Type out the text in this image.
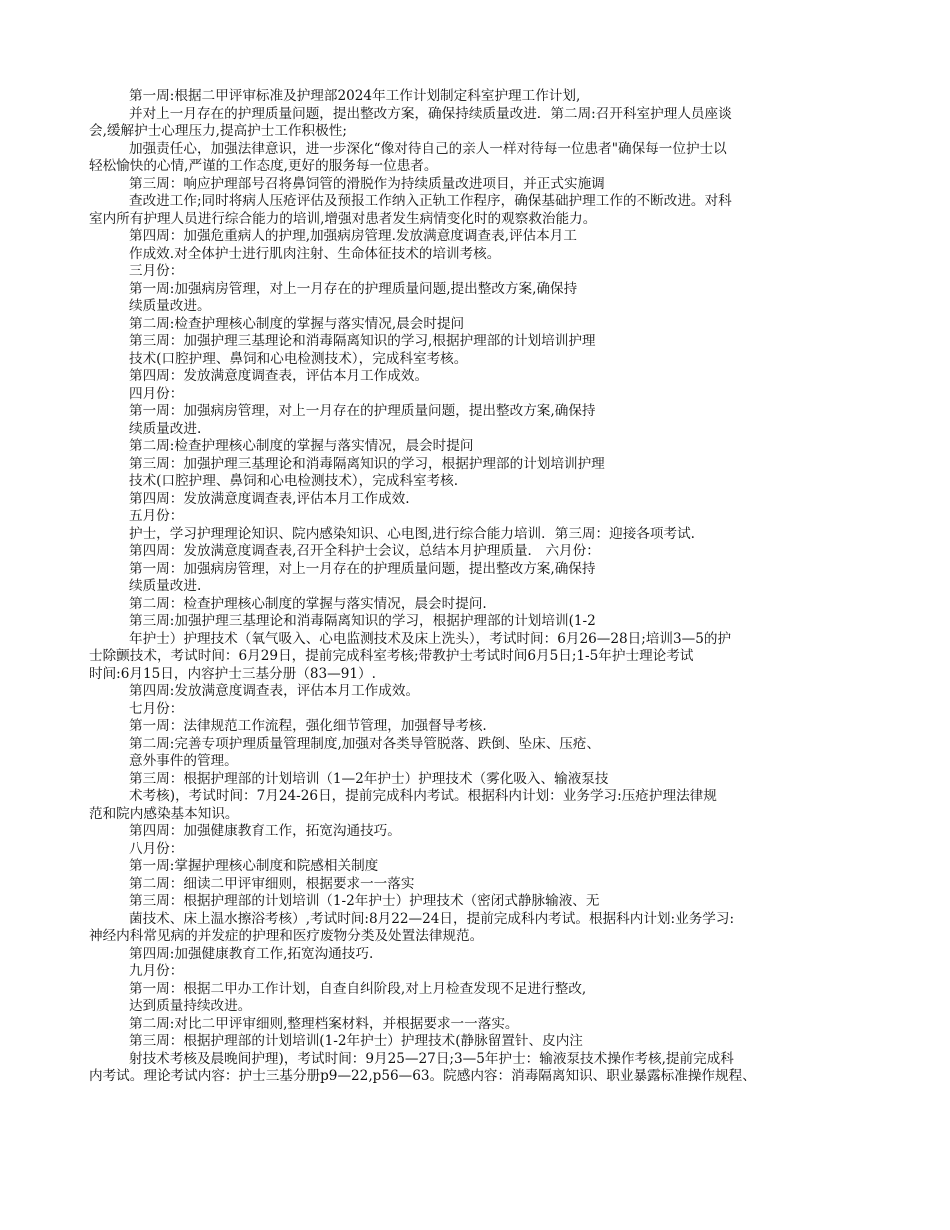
第一周:根据二甲评审标准及护理部2024年工作计划制定科室护理工作计划,
并对上一月存在的护理质量问题，提出整改方案，确保持续质量改进．第二周:召开科室护理人员座谈
会,缓解护士心理压力,提高护士工作积极性;
加强责任心，加强法律意识，进一步深化“像对待自己的亲人一样对待每一位患者"确保每一位护士以
轻松愉快的心情,严谨的工作态度,更好的服务每一位患者。
第三周：响应护理部号召将鼻饲管的滑脱作为持续质量改进项目，并正式实施调
查改进工作;同时将病人压疮评估及预报工作纳入正轨工作程序，确保基础护理工作的不断改进。对科
室内所有护理人员进行综合能力的培训,增强对患者发生病情变化时的观察救治能力。
第四周：加强危重病人的护理,加强病房管理.发放满意度调查表,评估本月工
作成效.对全体护士进行肌肉注射、生命体征技术的培训考核。
三月份：
第一周:加强病房管理，对上一月存在的护理质量问题,提出整改方案,确保持
续质量改进。
第二周:检查护理核心制度的掌握与落实情况,晨会时提问
第三周：加强护理三基理论和消毒隔离知识的学习,根据护理部的计划培训护理
技术(口腔护理、鼻饲和心电检测技术），完成科室考核。
第四周：发放满意度调查表，评估本月工作成效。
四月份：
第一周：加强病房管理，对上一月存在的护理质量问题，提出整改方案,确保持
续质量改进.
第二周:检查护理核心制度的掌握与落实情况，晨会时提问
第三周：加强护理三基理论和消毒隔离知识的学习，根据护理部的计划培训护理
技术(口腔护理、鼻饲和心电检测技术），完成科室考核.
第四周：发放满意度调查表,评估本月工作成效.
五月份：
护士，学习护理理论知识、院内感染知识、心电图,进行综合能力培训．第三周：迎接各项考试.
第四周：发放满意度调查表,召开全科护士会议，总结本月护理质量． 六月份：
第一周：加强病房管理，对上一月存在的护理质量问题，提出整改方案,确保持
续质量改进.
第二周：检查护理核心制度的掌握与落实情况，晨会时提问.
第三周:加强护理三基理论和消毒隔离知识的学习，根据护理部的计划培训(1-2
年护士）护理技术（氧气吸入、心电监测技术及床上洗头），考试时间：6月26—28日;培训3—5的护
士除颤技术，考试时间：6月29日，提前完成科室考核;带教护士考试时间6月5日;1-5年护士理论考试
时间:6月15日，内容护士三基分册（83—91）.
第四周:发放满意度调查表，评估本月工作成效。
七月份：
第一周：法律规范工作流程，强化细节管理，加强督导考核.
第二周:完善专项护理质量管理制度,加强对各类导管脱落、跌倒、坠床、压疮、
意外事件的管理。
第三周：根据护理部的计划培训（1—2年护士）护理技术（雾化吸入、输液泵技
术考核)，考试时间：7月24-26日，提前完成科内考试。根据科内计划：业务学习:压疮护理法律规
范和院内感染基本知识。
第四周：加强健康教育工作，拓宽沟通技巧。
八月份：
第一周:掌握护理核心制度和院感相关制度
第二周：细读二甲评审细则，根据要求一一落实
第三周：根据护理部的计划培训（1-2年护士）护理技术（密闭式静脉输液、无
菌技术、床上温水擦浴考核）,考试时间:8月22—24日，提前完成科内考试。根据科内计划:业务学习:
神经内科常见病的并发症的护理和医疗废物分类及处置法律规范。
第四周:加强健康教育工作,拓宽沟通技巧.
九月份：
第一周：根据二甲办工作计划，自查自纠阶段,对上月检查发现不足进行整改,
达到质量持续改进。
第二周:对比二甲评审细则,整理档案材料，并根据要求一一落实。
第三周：根据护理部的计划培训(1-2年护士）护理技术(静脉留置针、皮内注
射技术考核及晨晚间护理)，考试时间：9月25—27日;3—5年护士：输液泵技术操作考核,提前完成科
内考试。理论考试内容：护士三基分册p9—22,p56—63。院感内容：消毒隔离知识、职业暴露标准操作规程、
